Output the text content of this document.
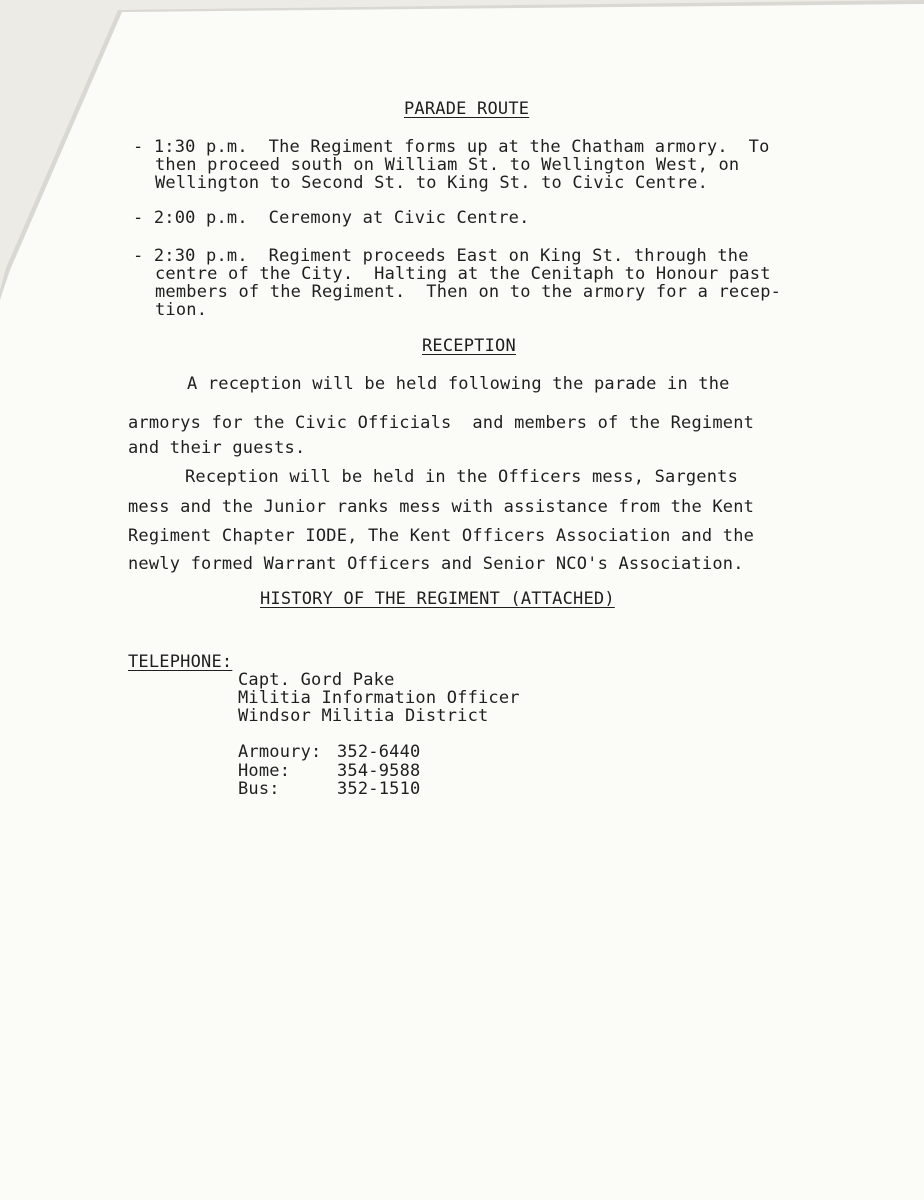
PARADE ROUTE
- 1:30 p.m.  The Regiment forms up at the Chatham armory.  To
then proceed south on William St. to Wellington West, on
Wellington to Second St. to King St. to Civic Centre.
- 2:00 p.m.  Ceremony at Civic Centre.
- 2:30 p.m.  Regiment proceeds East on King St. through the
centre of the City.  Halting at the Cenitaph to Honour past
members of the Regiment.  Then on to the armory for a recep-
tion.
RECEPTION
A reception will be held following the parade in the
armorys for the Civic Officials  and members of the Regiment
and their guests.
Reception will be held in the Officers mess, Sargents
mess and the Junior ranks mess with assistance from the Kent
Regiment Chapter IODE, The Kent Officers Association and the
newly formed Warrant Officers and Senior NCO's Association.
HISTORY OF THE REGIMENT (ATTACHED)
TELEPHONE:
Capt. Gord Pake
Militia Information Officer
Windsor Militia District
Armoury: 352-6440
Home:	354-9588
Bus:	352-1510
